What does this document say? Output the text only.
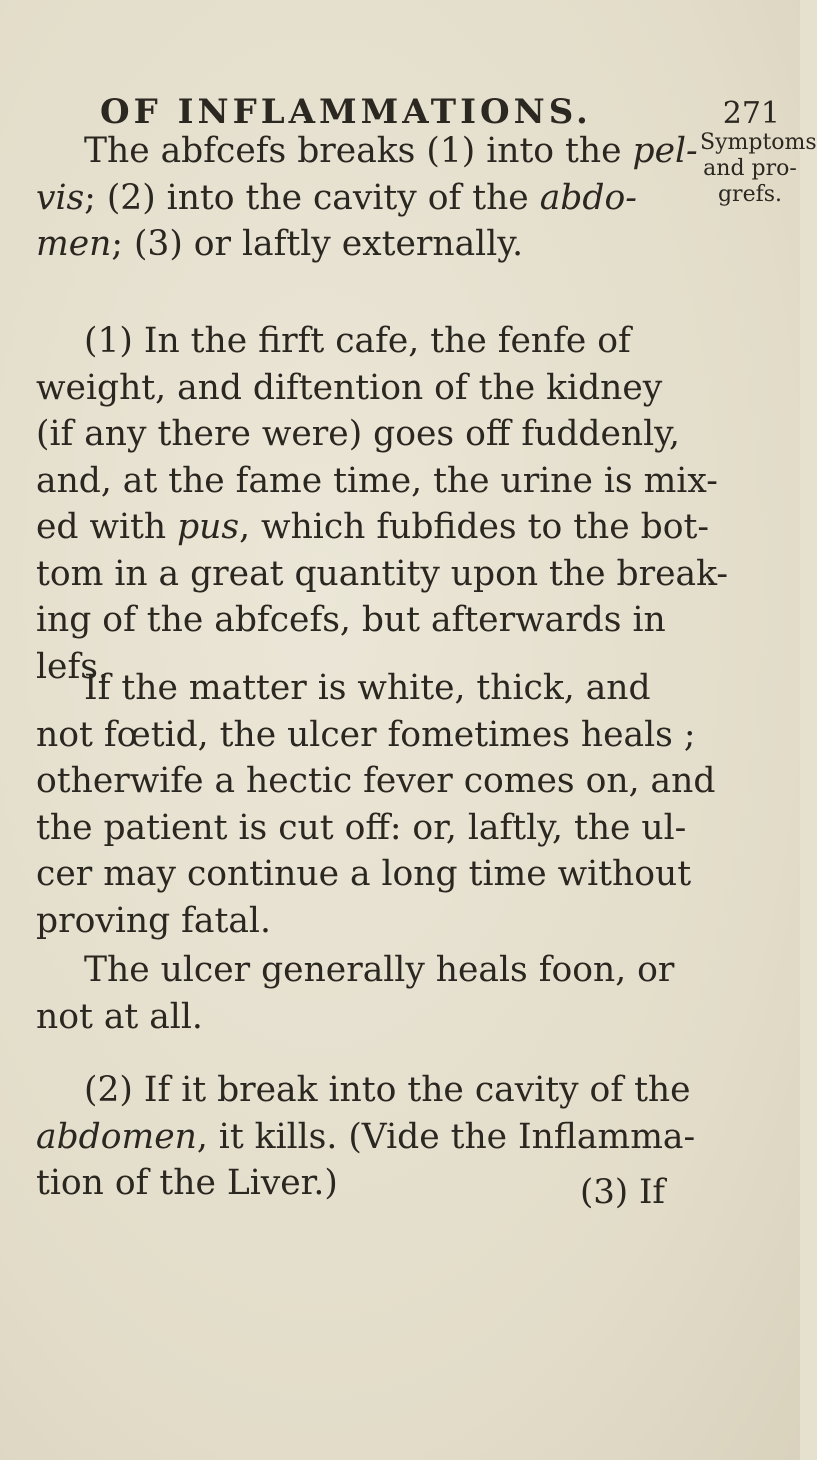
OF INFLAMMATIONS.	271
Symptoms
and pro-
grefs.
The abfcefs breaks (1) into the pel-
vis; (2) into the cavity of the abdo-
men; (3) or laftly externally.
(1) In the firft cafe, the fenfe of
weight, and diftention of the kidney
(if any there were) goes off fuddenly,
and, at the fame time, the urine is mix-
ed with pus, which fubfides to the bot-
tom in a great quantity upon the break-
ing of the abfcefs, but afterwards in
lefs.
If the matter is white, thick, and
not fœtid, the ulcer fometimes heals ;
otherwife a hectic fever comes on, and
the patient is cut off: or, laftly, the ul-
cer may continue a long time without
proving fatal.
The ulcer generally heals foon, or
not at all.
(2) If it break into the cavity of the
abdomen, it kills. (Vide the Inflamma-
tion of the Liver.)	(3) If
